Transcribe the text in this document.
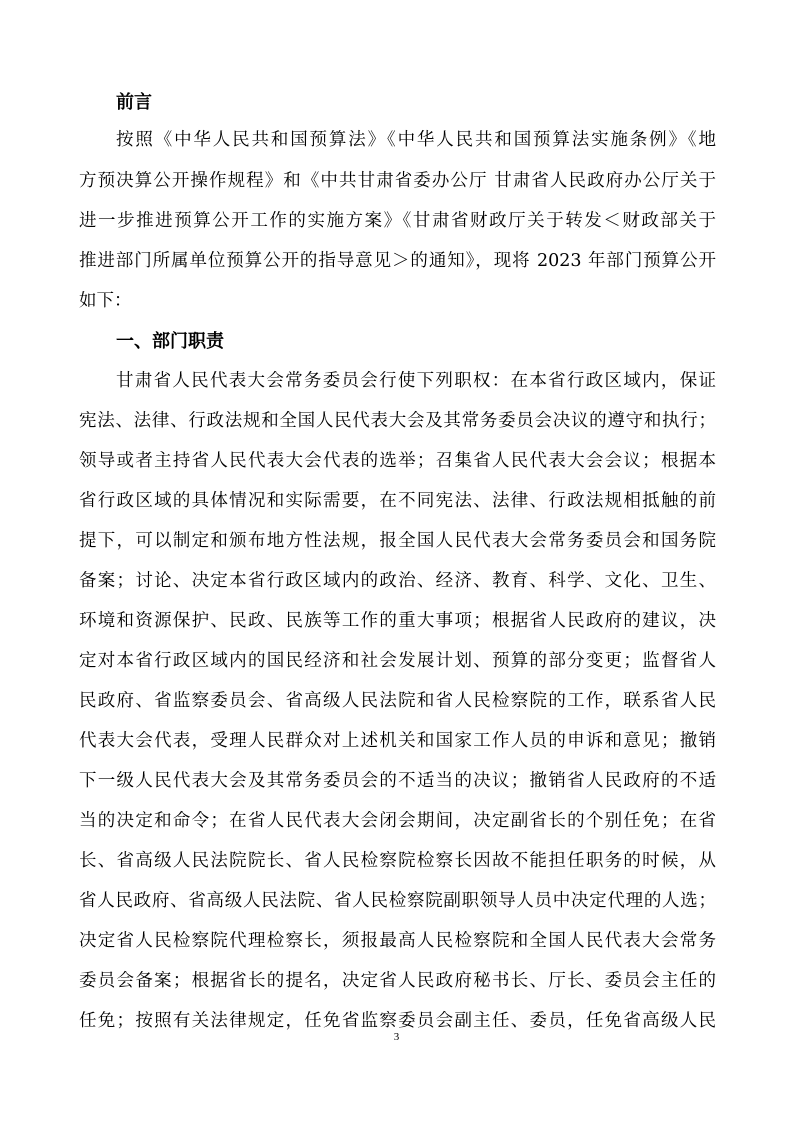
前言

按照《中华人民共和国预算法》《中华人民共和国预算法实施条例》《地

方预决算公开操作规程》和《中共甘肃省委办公厅 甘肃省人民政府办公厅关于

进一步推进预算公开工作的实施方案》《甘肃省财政厅关于转发＜财政部关于

推进部门所属单位预算公开的指导意见＞的通知》，现将 2023 年部门预算公开

如下：

一、部门职责

甘肃省人民代表大会常务委员会行使下列职权：在本省行政区域内，保证

宪法、法律、行政法规和全国人民代表大会及其常务委员会决议的遵守和执行；

领导或者主持省人民代表大会代表的选举；召集省人民代表大会会议；根据本

省行政区域的具体情况和实际需要，在不同宪法、法律、行政法规相抵触的前

提下，可以制定和颁布地方性法规，报全国人民代表大会常务委员会和国务院

备案；讨论、决定本省行政区域内的政治、经济、教育、科学、文化、卫生、

环境和资源保护、民政、民族等工作的重大事项；根据省人民政府的建议，决

定对本省行政区域内的国民经济和社会发展计划、预算的部分变更；监督省人

民政府、省监察委员会、省高级人民法院和省人民检察院的工作，联系省人民

代表大会代表，受理人民群众对上述机关和国家工作人员的申诉和意见；撤销

下一级人民代表大会及其常务委员会的不适当的决议；撤销省人民政府的不适

当的决定和命令；在省人民代表大会闭会期间，决定副省长的个别任免；在省

长、省高级人民法院院长、省人民检察院检察长因故不能担任职务的时候，从

省人民政府、省高级人民法院、省人民检察院副职领导人员中决定代理的人选；

决定省人民检察院代理检察长，须报最高人民检察院和全国人民代表大会常务

委员会备案；根据省长的提名，决定省人民政府秘书长、厅长、委员会主任的

任免；按照有关法律规定，任免省监察委员会副主任、委员，任免省高级人民

3
